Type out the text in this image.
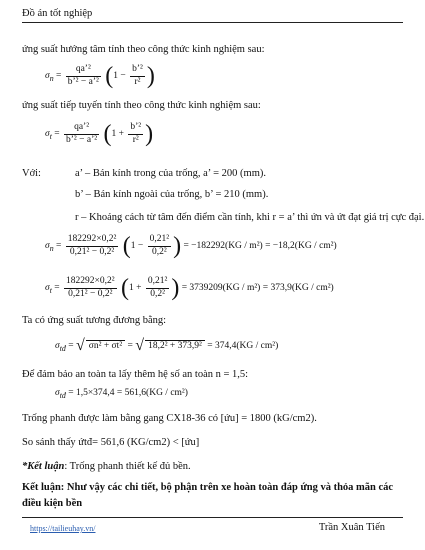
Đồ án tốt nghiệp
ứng suất hướng tâm tính theo công thức kinh nghiệm sau:
$\sigma_n = \frac{\text{qa’²}}{\text{b’² − a’²}} (1 - \frac{\text{b’²}}{\text{r²}}$ )
ứng suất tiếp tuyến tính theo công thức kinh nghiệm sau:
$\sigma_t = \frac{\text{qa’²}}{\text{b’² − a’²}} (1 + \frac{\text{b’²}}{\text{r²}}$ )
Với:	a’ – Bán kính trong của trống, a’ = 200 (mm).
b’ – Bán kính ngoài của trống, b’ = 210 (mm).
r – Khoảng cách từ tâm đến điểm cần tính, khi r = a’ thì ứn và ứt đạt giá trị cực đại.
$\sigma_n = \frac{\text{182292×0,2²}}{\text{0,21² − 0,2²}} (1 - \frac{\text{0,21²}}{\text{0,2²}}$ ) = −182292(KG / m²) = −18,2(KG / cm²)
$\sigma_t = \frac{\text{182292×0,2²}}{\text{0,21² − 0,2²}} (1 + \frac{\text{0,21²}}{\text{0,2²}}$ ) = 3739209(KG / m²) = 373,9(KG / cm²)
Ta có ứng suất tương đương bằng:
$\sigma_{tđ}$ = √ σn² + σt² = √ 18,2² + 373,9² = 374,4(KG / cm²)
Để đảm bảo an toàn ta lấy thêm hệ số an toàn n = 1,5:
$\sigma_{tđ} = 1,5\times 374,4 = 561,6(KG / cm^2)$
Trống phanh được làm bằng gang CX18-36 có [ứu] = 1800 (kG/cm2).
So sánh thấy ứtđ= 561,6 (KG/cm2) < [ứu]
*Kết luận: Trống phanh thiết kế đủ bền.
Kết luận: Như vậy các chi tiết, bộ phận trên xe hoàn toàn đáp ứng và thỏa mãn các
điều kiện bền
https://tailieuhay.vn/	Trần Xuân Tiến
